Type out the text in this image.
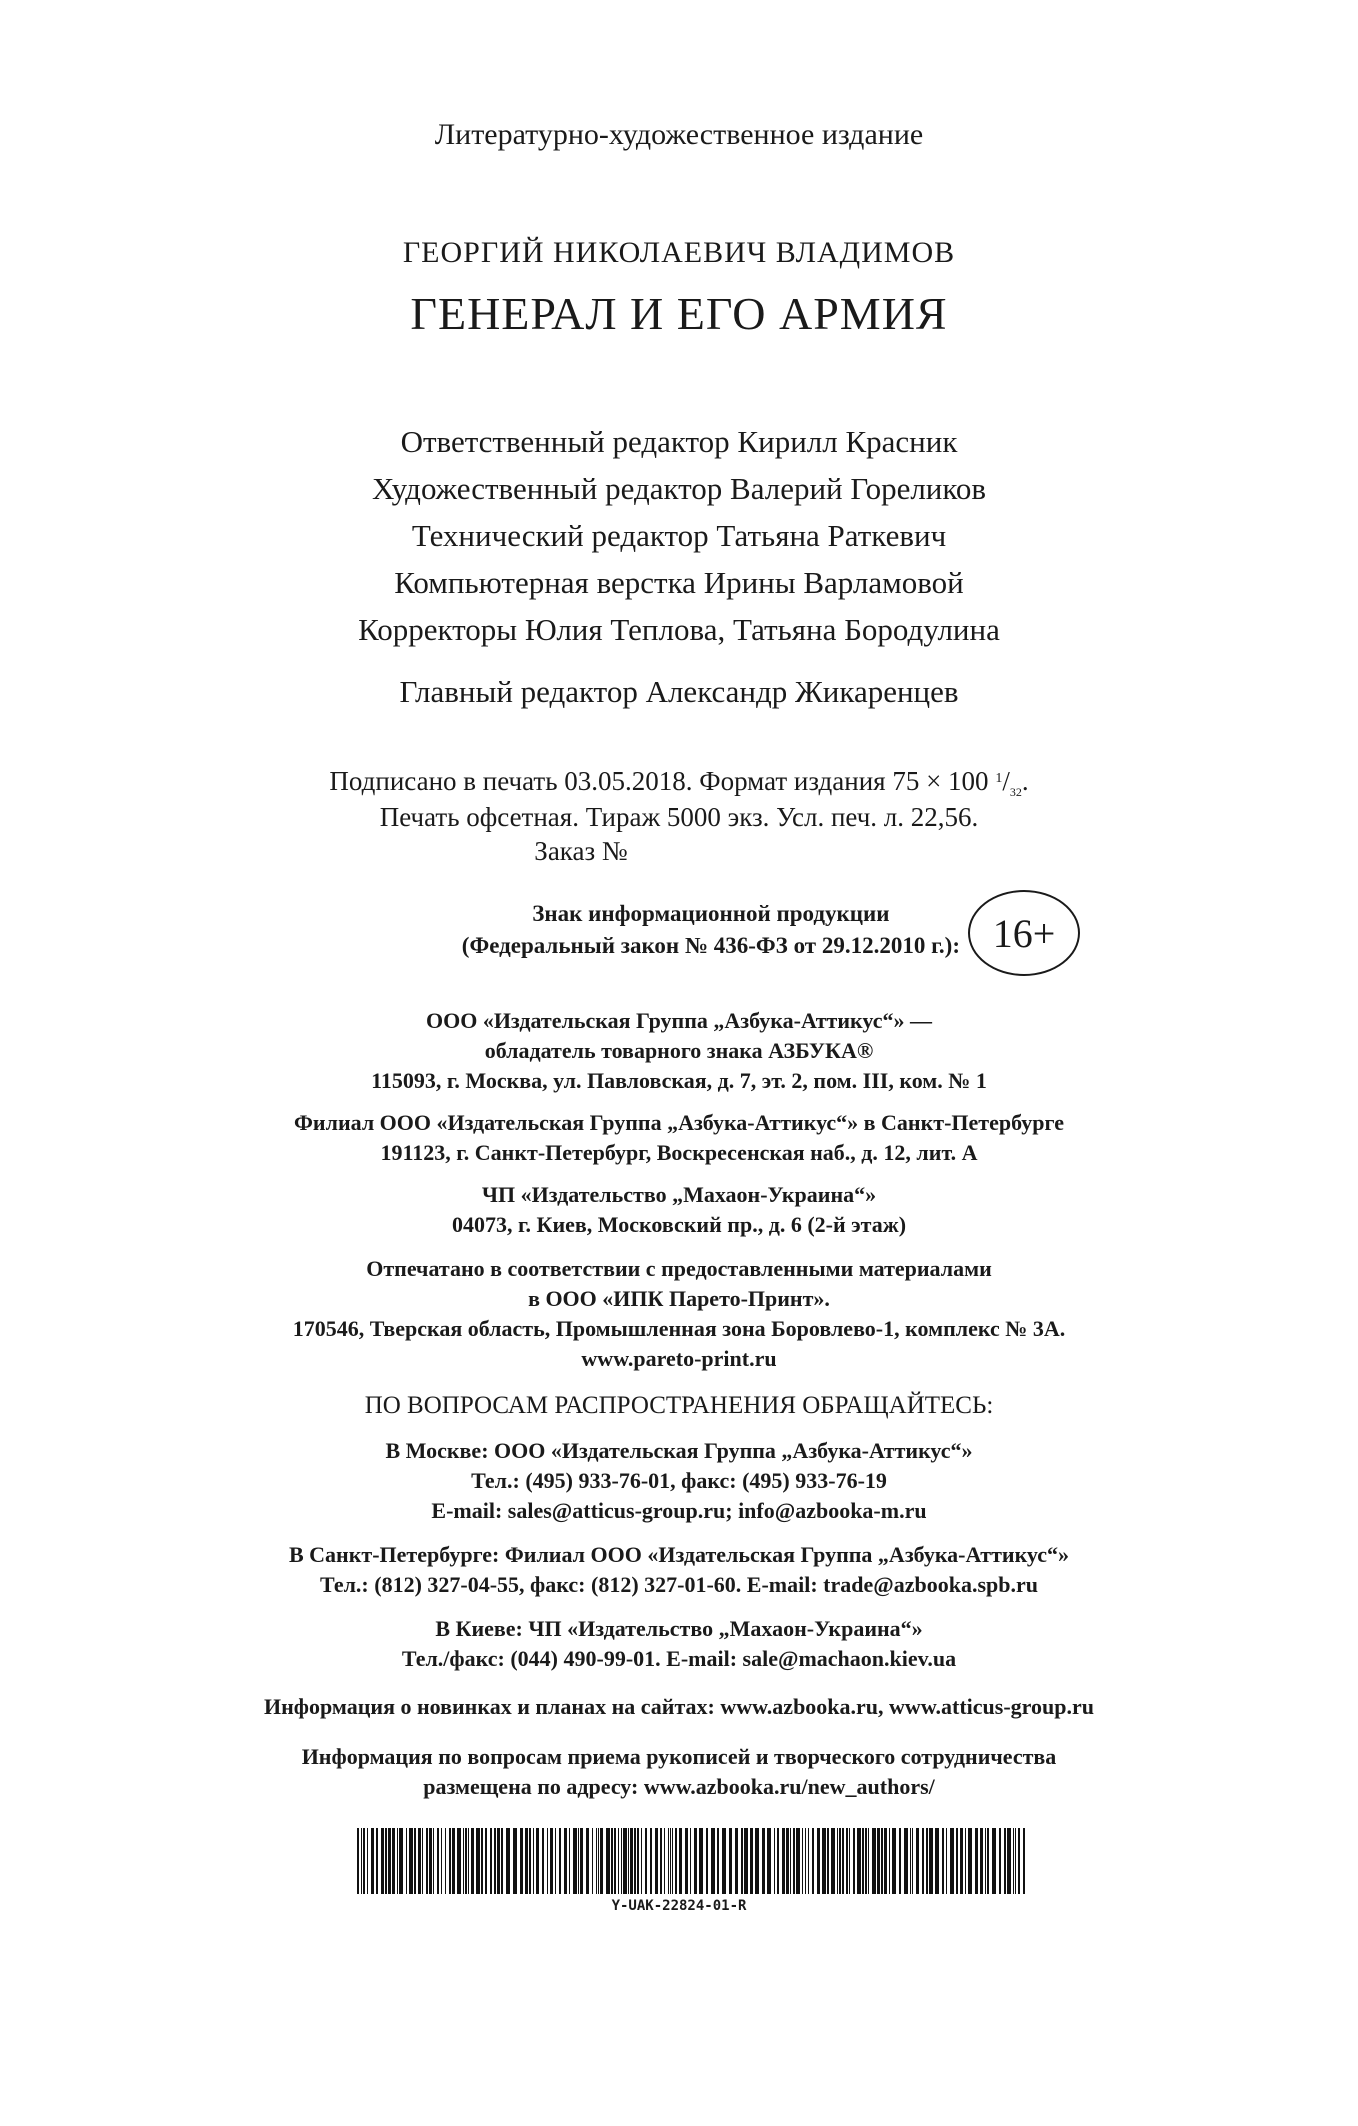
Литературно-художественное издание
ГЕОРГИЙ НИКОЛАЕВИЧ ВЛАДИМОВ
ГЕНЕРАЛ И ЕГО АРМИЯ
Ответственный редактор Кирилл Красник
Художественный редактор Валерий Гореликов
Технический редактор Татьяна Раткевич
Компьютерная верстка Ирины Варламовой
Корректоры Юлия Теплова, Татьяна Бородулина
Главный редактор Александр Жикаренцев
Подписано в печать 03.05.2018. Формат издания 75 × 100 $^1/_{32}$.
Печать офсетная. Тираж 5000 экз. Усл. печ. л. 22,56.
Заказ №
Знак информационной продукции
(Федеральный закон № 436-ФЗ от 29.12.2010 г.): 16+
ООО «Издательская Группа „Азбука-Аттикус“» —
обладатель товарного знака АЗБУКА®
115093, г. Москва, ул. Павловская, д. 7, эт. 2, пом. III, ком. № 1
Филиал ООО «Издательская Группа „Азбука-Аттикус“» в Санкт-Петербурге
191123, г. Санкт-Петербург, Воскресенская наб., д. 12, лит. А
ЧП «Издательство „Махаон-Украина“»
04073, г. Киев, Московский пр., д. 6 (2-й этаж)
Отпечатано в соответствии с предоставленными материалами
в ООО «ИПК Парето-Принт».
170546, Тверская область, Промышленная зона Боровлево-1, комплекс № 3А.
www.pareto-print.ru
ПО ВОПРОСАМ РАСПРОСТРАНЕНИЯ ОБРАЩАЙТЕСЬ:
В Москве: ООО «Издательская Группа „Азбука-Аттикус“»
Тел.: (495) 933-76-01, факс: (495) 933-76-19
E-mail: sales@atticus-group.ru; info@azbooka-m.ru
В Санкт-Петербурге: Филиал ООО «Издательская Группа „Азбука-Аттикус“»
Тел.: (812) 327-04-55, факс: (812) 327-01-60. E-mail: trade@azbooka.spb.ru
В Киеве: ЧП «Издательство „Махаон-Украина“»
Тел./факс: (044) 490-99-01. E-mail: sale@machaon.kiev.ua
Информация о новинках и планах на сайтах: www.azbooka.ru, www.atticus-group.ru
Информация по вопросам приема рукописей и творческого сотрудничества
размещена по адресу: www.azbooka.ru/new_authors/
Y-UAK-22824-01-R
